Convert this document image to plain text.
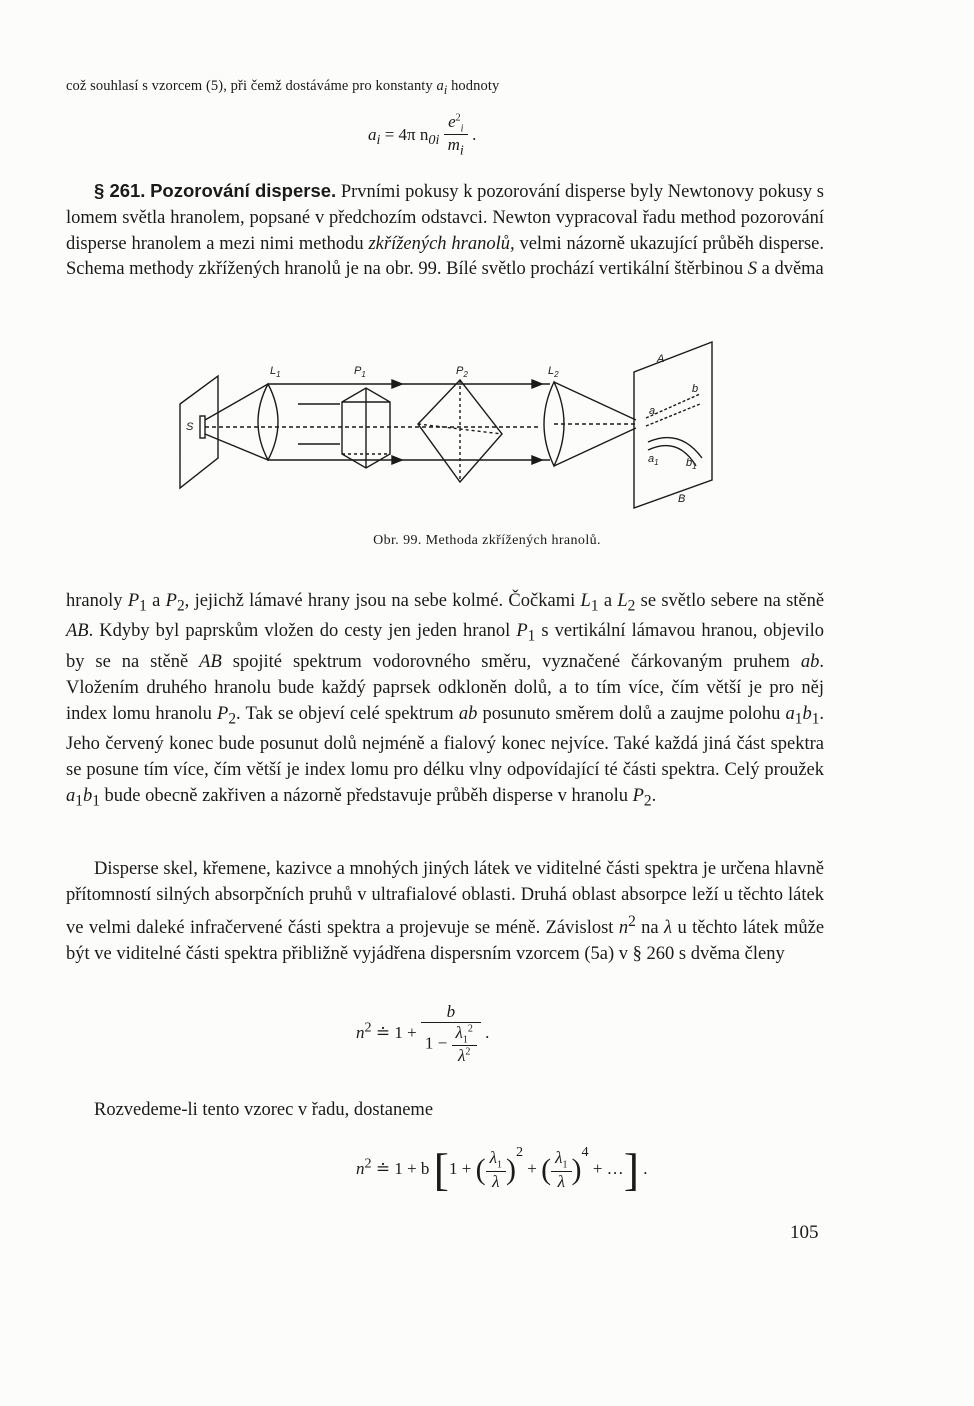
což souhlasí s vzorcem (5), při čemž dostáváme pro konstanty $a_i$ hodnoty
$a_i = 4\pi$ $n_{0i} \frac{e^2_i}{m_i}$ .

§ 261. Pozorování disperse. Prvními pokusy k pozorování disperse byly Newtonovy pokusy s lomem světla hranolem, popsané v předchozím odstavci. Newton vypracoval řadu method pozorování disperse hranolem a mezi nimi methodu zkřížených hranolů, velmi názorně ukazující průběh disperse. Schema methody zkřížených hranolů je na obr. 99. Bílé světlo prochází vertikální štěrbinou S a dvěma

S
$L_1$	$P_1$	$P_2$	$L_2$
A
B
a
b
$a_1$ $b_1$
Obr. 99. Methoda zkřížených hranolů.

hranoly $P_1$ a $P_2$, jejichž lámavé hrany jsou na sebe kolmé. Čočkami $L_1$ a $L_2$ se světlo sebere na stěně AB. Kdyby byl paprskům vložen do cesty jen jeden hranol $P_1$ s vertikální lámavou hranou, objevilo by se na stěně AB spojité spektrum vodorovného směru, vyznačené čárkovaným pruhem ab. Vložením druhého hranolu bude každý paprsek odkloněn dolů, a to tím více, čím větší je pro něj index lomu hranolu $P_2$. Tak se objeví celé spektrum ab posunuto směrem dolů a zaujme polohu $a_1b_1$. Jeho červený konec bude posunut dolů nejméně a fialový konec nejvíce. Také každá jiná část spektra se posune tím více, čím větší je index lomu pro délku vlny odpovídající té části spektra. Celý proužek $a_1b_1$ bude obecně zakřiven a názorně představuje průběh disperse v hranolu $P_2$.

Disperse skel, křemene, kazivce a mnohých jiných látek ve viditelné části spektra je určena hlavně přítomností silných absorpčních pruhů v ultrafialové oblasti. Druhá oblast absorpce leží u těchto látek ve velmi daleké infračervené části spektra a projevuje se méně. Závislost $n^2$ na λ u těchto látek může být ve viditelné části spektra přibližně vyjádřena dispersním vzorcem (5a) v § 260 s dvěma členy

$n^2$ ≐ $1 + \frac{b}{1 - \frac{\lambda_1^2}{\lambda^2}}$ .

Rozvedeme-li tento vzorec v řadu, dostaneme

$n^2$ ≐ 1 + b [1 + ( $\frac{\lambda_1}{\lambda} )^2$ + ( $\frac{\lambda_1}{\lambda} )^4$ + …] .
105
